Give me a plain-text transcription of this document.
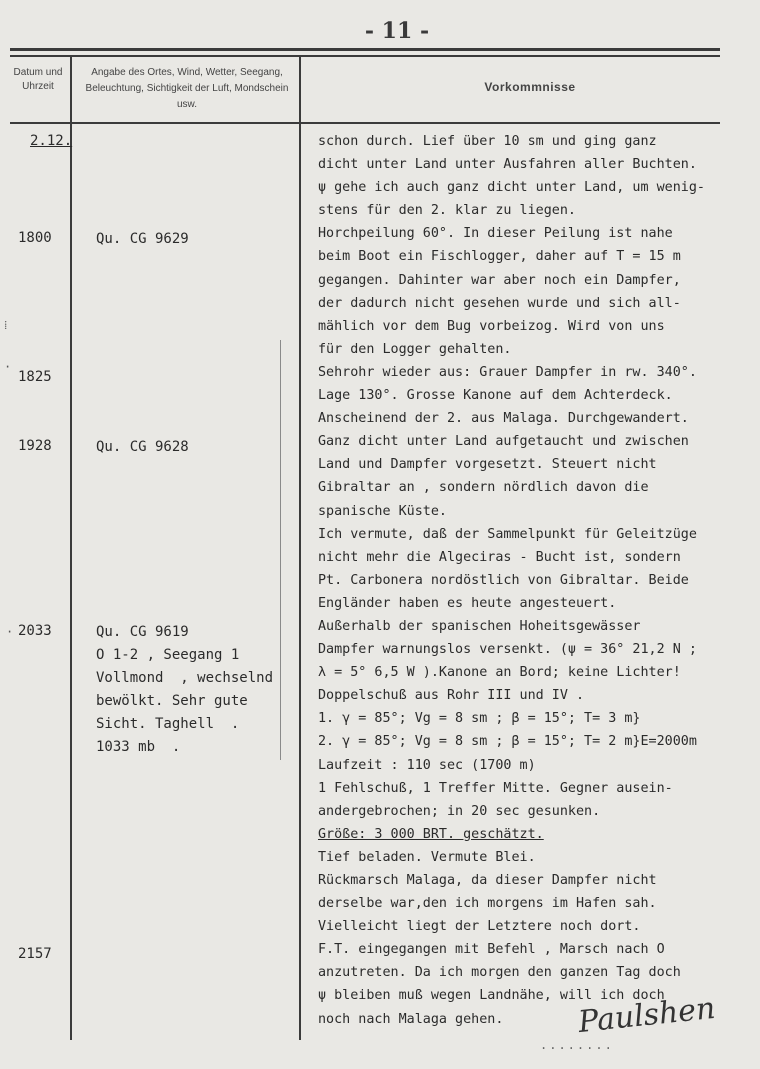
- 11 -
Datum und Uhrzeit
Angabe des Ortes, Wind, Wetter, Seegang, Beleuchtung, Sichtigkeit der Luft, Mondschein usw.
Vorkommnisse
2.12.
1800
1825
1928
2033
2157
Qu. CG 9629
Qu. CG 9628
Qu. CG 9619
O 1-2 , Seegang 1
Vollmond  , wechselnd
bewölkt. Sehr gute
Sicht. Taghell  .
1033 mb  .
schon durch. Lief über 10 sm und ging ganz
dicht unter Land unter Ausfahren aller Buchten.
ψ gehe ich auch ganz dicht unter Land, um wenig-
stens für den 2. klar zu liegen.
Horchpeilung 60°. In dieser Peilung ist nahe
beim Boot ein Fischlogger, daher auf T = 15 m
gegangen. Dahinter war aber noch ein Dampfer,
der dadurch nicht gesehen wurde und sich all-
mählich vor dem Bug vorbeizog. Wird von uns
für den Logger gehalten.
Sehrohr wieder aus: Grauer Dampfer in rw. 340°.
Lage 130°. Grosse Kanone auf dem Achterdeck.
Anscheinend der 2. aus Malaga. Durchgewandert.
Ganz dicht unter Land aufgetaucht und zwischen
Land und Dampfer vorgesetzt. Steuert nicht
Gibraltar an , sondern nördlich davon die
spanische Küste.
Ich vermute, daß der Sammelpunkt für Geleitzüge
nicht mehr die Algeciras - Bucht ist, sondern
Pt. Carbonera nordöstlich von Gibraltar. Beide
Engländer haben es heute angesteuert.
Außerhalb der spanischen Hoheitsgewässer
Dampfer warnungslos versenkt. (ψ = 36° 21,2 N ;
λ = 5° 6,5 W ).Kanone an Bord; keine Lichter!
Doppelschuß aus Rohr III und IV .
1. γ = 85°; Vg = 8 sm ; β = 15°; T= 3 m}
2. γ = 85°; Vg = 8 sm ; β = 15°; T= 2 m}E=2000m
Laufzeit : 110 sec (1700 m)
1 Fehlschuß, 1 Treffer Mitte. Gegner ausein-
andergebrochen; in 20 sec gesunken.
Größe: 3 000 BRT. geschätzt.
Tief beladen. Vermute Blei.
Rückmarsch Malaga, da dieser Dampfer nicht
derselbe war,den ich morgens im Hafen sah.
Vielleicht liegt der Letztere noch dort.
F.T. eingegangen mit Befehl , Marsch nach O
anzutreten. Da ich morgen den ganzen Tag doch
ψ bleiben muß wegen Landnähe, will ich doch
noch nach Malaga gehen.
........
Paulshen
⁞
·
·
